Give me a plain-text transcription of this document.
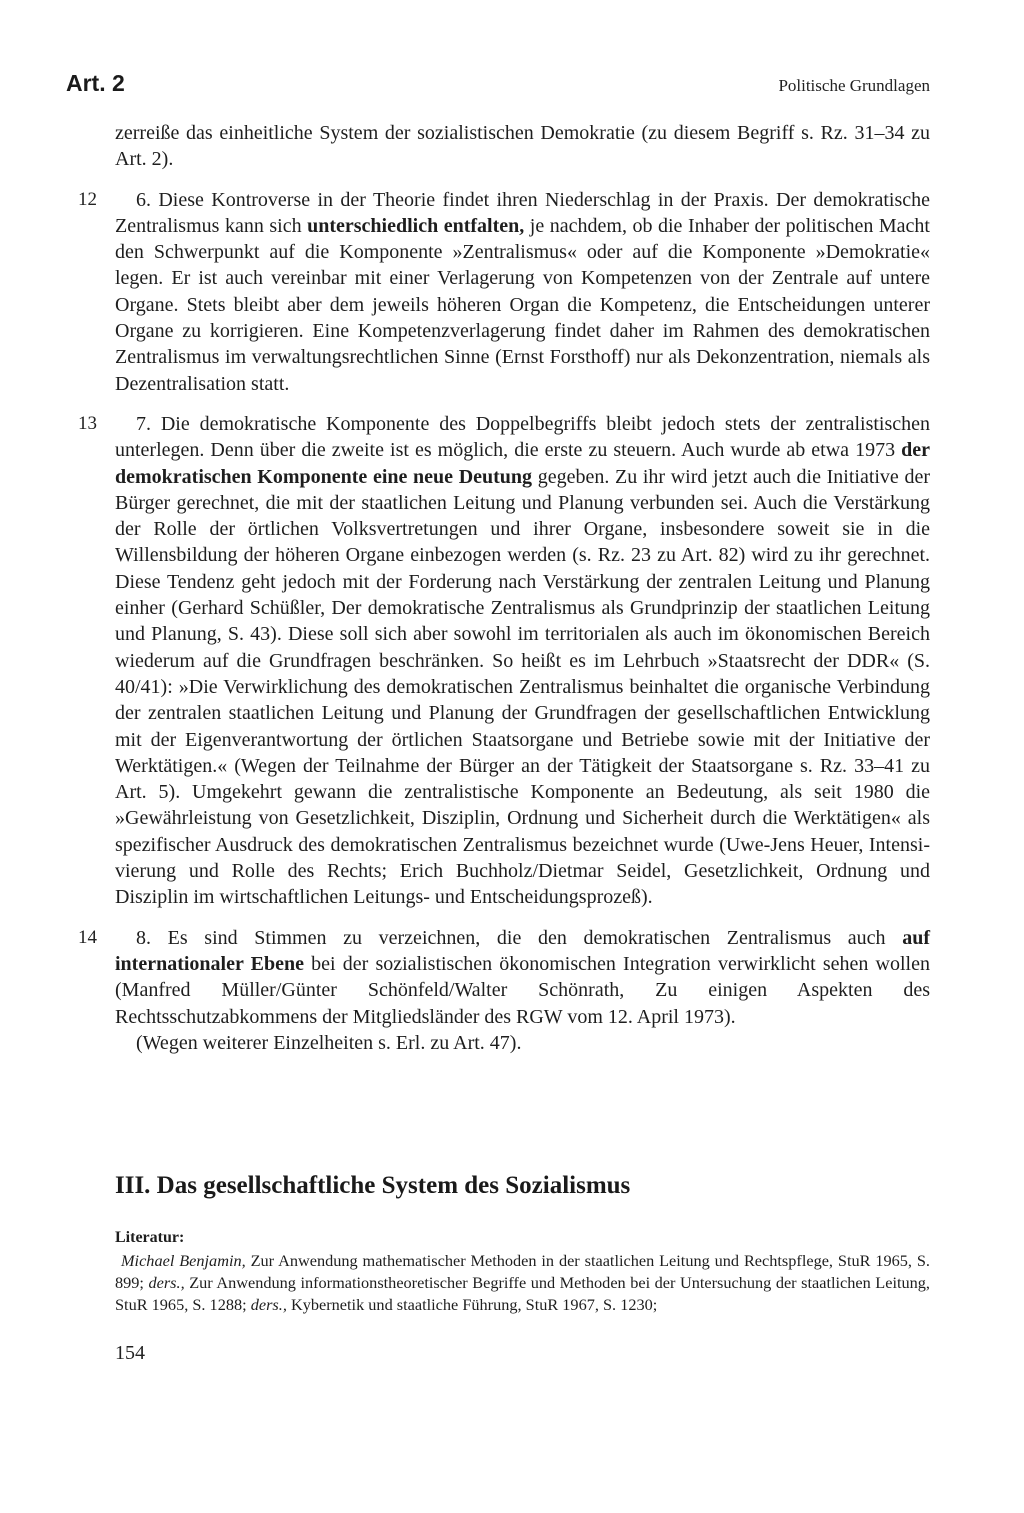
Art. 2	Politische Grundlagen

zerreiße das einheitliche System der sozialistischen Demokratie (zu diesem Begriff s. Rz. 31–34 zu Art. 2).

12 6. Diese Kontroverse in der Theorie findet ihren Niederschlag in der Praxis. Der demokratische Zentralismus kann sich unterschiedlich entfalten, je nachdem, ob die Inhaber der politischen Macht den Schwerpunkt auf die Komponente »Zentralismus« oder auf die Komponente »Demokratie« legen. Er ist auch vereinbar mit einer Verlagerung von Kompetenzen von der Zentrale auf untere Organe. Stets bleibt aber dem jeweils höheren Organ die Kompetenz, die Entscheidungen unterer Organe zu korrigieren. Eine Kompetenzverlagerung findet daher im Rahmen des demokratischen Zentralismus im verwaltungsrechtlichen Sinne (Ernst Forsthoff) nur als Dekonzentration, niemals als Dezentralisation statt.

13 7. Die demokratische Komponente des Doppelbegriffs bleibt jedoch stets der zentralistischen unterlegen. Denn über die zweite ist es möglich, die erste zu steuern. Auch wurde ab etwa 1973 der demokratischen Komponente eine neue Deutung gegeben. Zu ihr wird jetzt auch die Initiative der Bürger gerechnet, die mit der staatlichen Leitung und Planung verbunden sei. Auch die Verstärkung der Rolle der örtlichen Volksvertretungen und ihrer Organe, insbesondere soweit sie in die Willensbildung der höheren Organe einbezogen werden (s. Rz. 23 zu Art. 82) wird zu ihr gerechnet. Diese Tendenz geht jedoch mit der Forderung nach Verstärkung der zentralen Leitung und Planung einher (Gerhard Schüßler, Der demokratische Zentralismus als Grundprinzip der staatlichen Leitung und Planung, S. 43). Diese soll sich aber sowohl im territorialen als auch im ökonomischen Bereich wiederum auf die Grundfragen beschränken. So heißt es im Lehrbuch »Staatsrecht der DDR« (S. 40/41): »Die Verwirklichung des demokratischen Zentralismus beinhaltet die organische Verbindung der zentralen staatlichen Leitung und Planung der Grundfragen der gesellschaftlichen Entwicklung mit der Eigenverantwortung der örtlichen Staatsorgane und Betriebe sowie mit der Initiative der Werktätigen.« (Wegen der Teilnahme der Bürger an der Tätigkeit der Staatsorgane s. Rz. 33–41 zu Art. 5). Umgekehrt gewann die zentralistische Komponente an Bedeutung, als seit 1980 die »Gewährleistung von Gesetzlichkeit, Disziplin, Ordnung und Sicherheit durch die Werktätigen« als spezifischer Ausdruck des demokratischen Zentralismus bezeichnet wurde (Uwe-Jens Heuer, Intensivierung und Rolle des Rechts; Erich Buchholz/Dietmar Seidel, Gesetzlichkeit, Ordnung und Disziplin im wirtschaftlichen Leitungs- und Entscheidungsprozeß).

14 8. Es sind Stimmen zu verzeichnen, die den demokratischen Zentralismus auch auf internationaler Ebene bei der sozialistischen ökonomischen Integration verwirklicht sehen wollen (Manfred Müller/Günter Schönfeld/Walter Schönrath, Zu einigen Aspekten des Rechtsschutzabkommens der Mitgliedsländer des RGW vom 12. April 1973).

(Wegen weiterer Einzelheiten s. Erl. zu Art. 47).

III. Das gesellschaftliche System des Sozialismus

Literatur:

Michael Benjamin, Zur Anwendung mathematischer Methoden in der staatlichen Leitung und Rechtspflege, StuR 1965, S. 899; ders., Zur Anwendung informationstheoretischer Begriffe und Methoden bei der Untersuchung der staatlichen Leitung, StuR 1965, S. 1288; ders., Kybernetik und staatliche Führung, StuR 1967, S. 1230;

154
